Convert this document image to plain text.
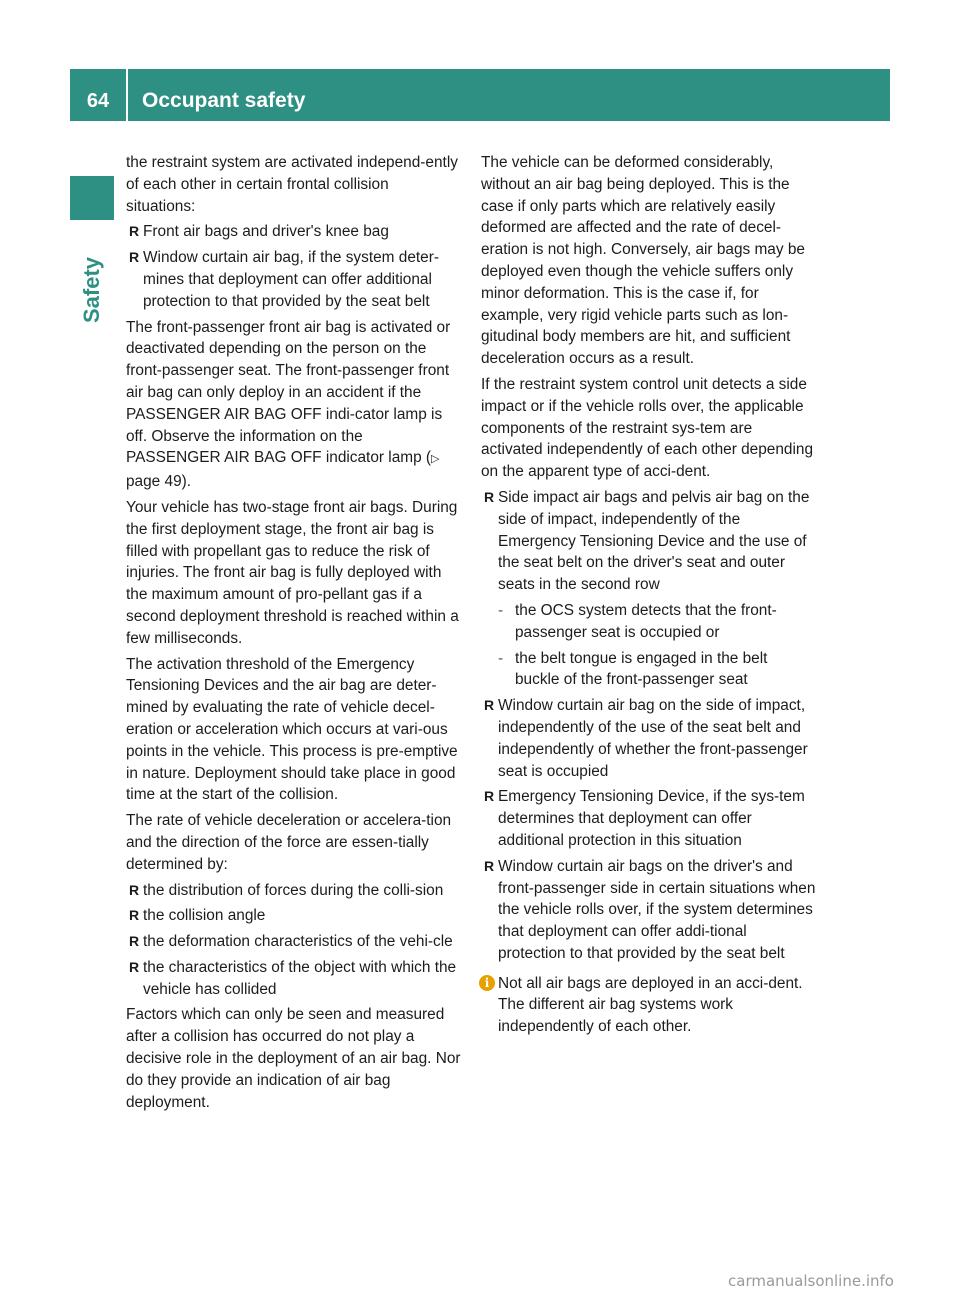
64	Occupant safety
Safety

the restraint system are activated independ-ently of each other in certain frontal collision situations:

R Front air bags and driver's knee bag
R Window curtain air bag, if the system deter-mines that deployment can offer additional protection to that provided by the seat belt

The front-passenger front air bag is activated or deactivated depending on the person on the front-passenger seat. The front-passenger front air bag can only deploy in an accident if the PASSENGER AIR BAG OFF indi-cator lamp is off. Observe the information on the PASSENGER AIR BAG OFF indicator lamp (▷ page 49).

Your vehicle has two-stage front air bags. During the first deployment stage, the front air bag is filled with propellant gas to reduce the risk of injuries. The front air bag is fully deployed with the maximum amount of pro-pellant gas if a second deployment threshold is reached within a few milliseconds.

The activation threshold of the Emergency Tensioning Devices and the air bag are deter-mined by evaluating the rate of vehicle decel-eration or acceleration which occurs at vari-ous points in the vehicle. This process is pre-emptive in nature. Deployment should take place in good time at the start of the collision.

The rate of vehicle deceleration or accelera-tion and the direction of the force are essen-tially determined by:

R the distribution of forces during the colli-sion
R the collision angle
R the deformation characteristics of the vehi-cle
R the characteristics of the object with which the vehicle has collided

Factors which can only be seen and measured after a collision has occurred do not play a decisive role in the deployment of an air bag. Nor do they provide an indication of air bag deployment.

The vehicle can be deformed considerably, without an air bag being deployed. This is the case if only parts which are relatively easily deformed are affected and the rate of decel-eration is not high. Conversely, air bags may be deployed even though the vehicle suffers only minor deformation. This is the case if, for example, very rigid vehicle parts such as lon-gitudinal body members are hit, and sufficient deceleration occurs as a result.

If the restraint system control unit detects a side impact or if the vehicle rolls over, the applicable components of the restraint sys-tem are activated independently of each other depending on the apparent type of acci-dent.

R Side impact air bags and pelvis air bag on the side of impact, independently of the Emergency Tensioning Device and the use of the seat belt on the driver's seat and outer seats in the second row
- the OCS system detects that the front-passenger seat is occupied or
- the belt tongue is engaged in the belt buckle of the front-passenger seat
R Window curtain air bag on the side of impact, independently of the use of the seat belt and independently of whether the front-passenger seat is occupied
R Emergency Tensioning Device, if the sys-tem determines that deployment can offer additional protection in this situation
R Window curtain air bags on the driver's and front-passenger side in certain situations when the vehicle rolls over, if the system determines that deployment can offer addi-tional protection to that provided by the seat belt
i Not all air bags are deployed in an acci-dent. The different air bag systems work independently of each other.
carmanualsonline.info
